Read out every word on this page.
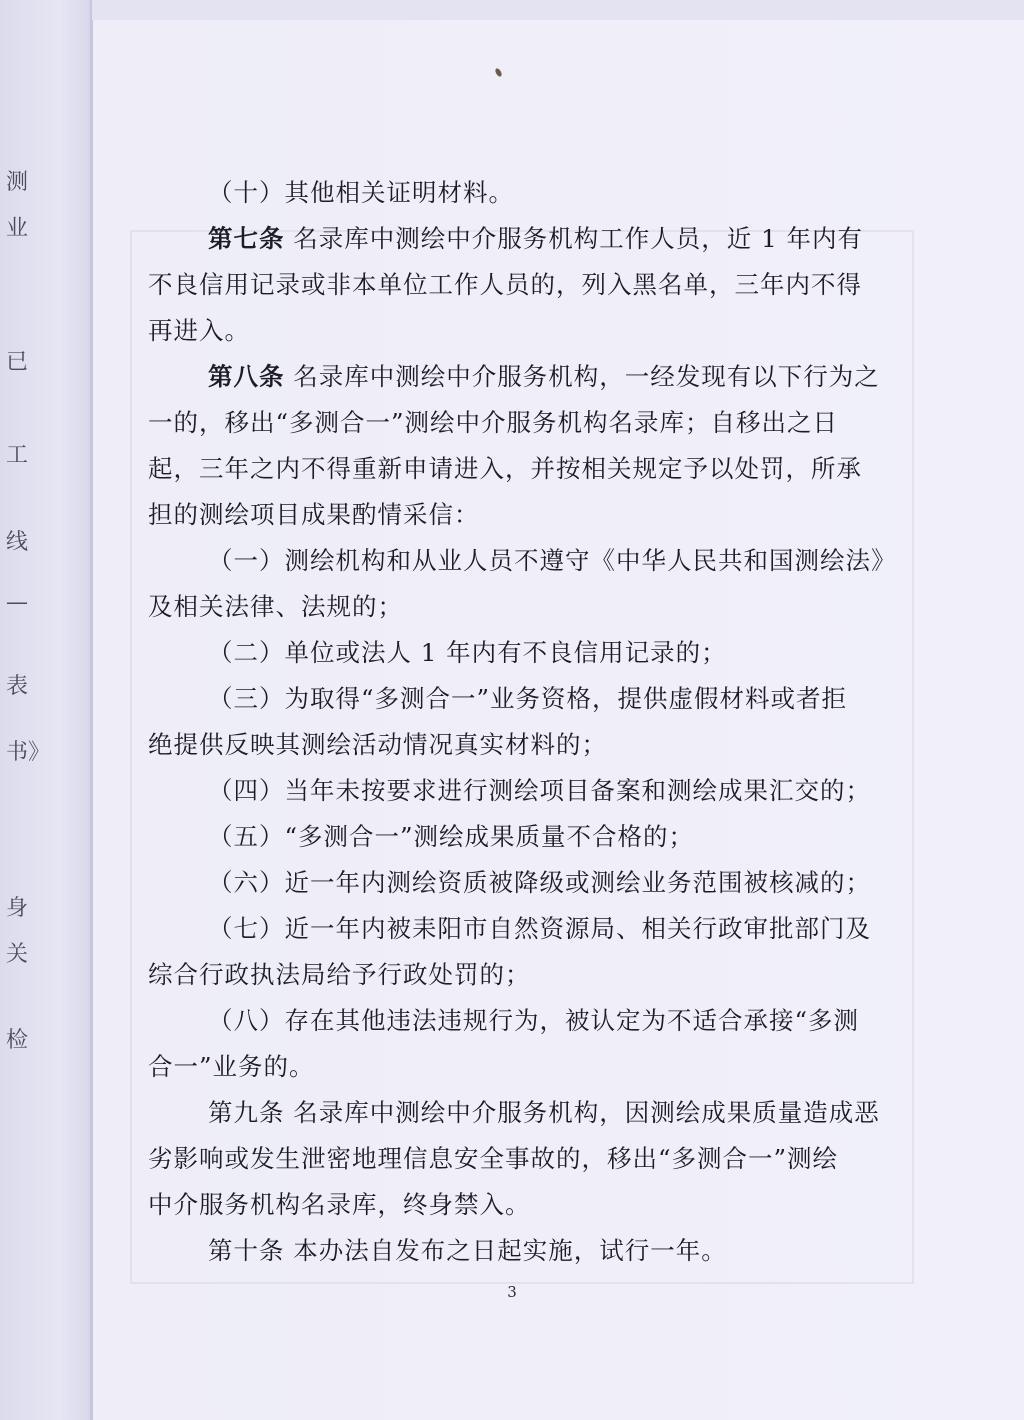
测
业
已
工
线
—
表
书》
身
关
检
（十）其他相关证明材料。
第七条 名录库中测绘中介服务机构工作人员，近 1 年内有
不良信用记录或非本单位工作人员的，列入黑名单，三年内不得
再进入。
第八条 名录库中测绘中介服务机构，一经发现有以下行为之
一的，移出“多测合一”测绘中介服务机构名录库；自移出之日
起，三年之内不得重新申请进入，并按相关规定予以处罚，所承
担的测绘项目成果酌情采信：
（一）测绘机构和从业人员不遵守《中华人民共和国测绘法》
及相关法律、法规的；
（二）单位或法人 1 年内有不良信用记录的；
（三）为取得“多测合一”业务资格，提供虚假材料或者拒
绝提供反映其测绘活动情况真实材料的；
（四）当年未按要求进行测绘项目备案和测绘成果汇交的；
（五）“多测合一”测绘成果质量不合格的；
（六）近一年内测绘资质被降级或测绘业务范围被核减的；
（七）近一年内被耒阳市自然资源局、相关行政审批部门及
综合行政执法局给予行政处罚的；
（八）存在其他违法违规行为，被认定为不适合承接“多测
合一”业务的。
第九条 名录库中测绘中介服务机构，因测绘成果质量造成恶
劣影响或发生泄密地理信息安全事故的，移出“多测合一”测绘
中介服务机构名录库，终身禁入。
第十条 本办法自发布之日起实施，试行一年。
3
